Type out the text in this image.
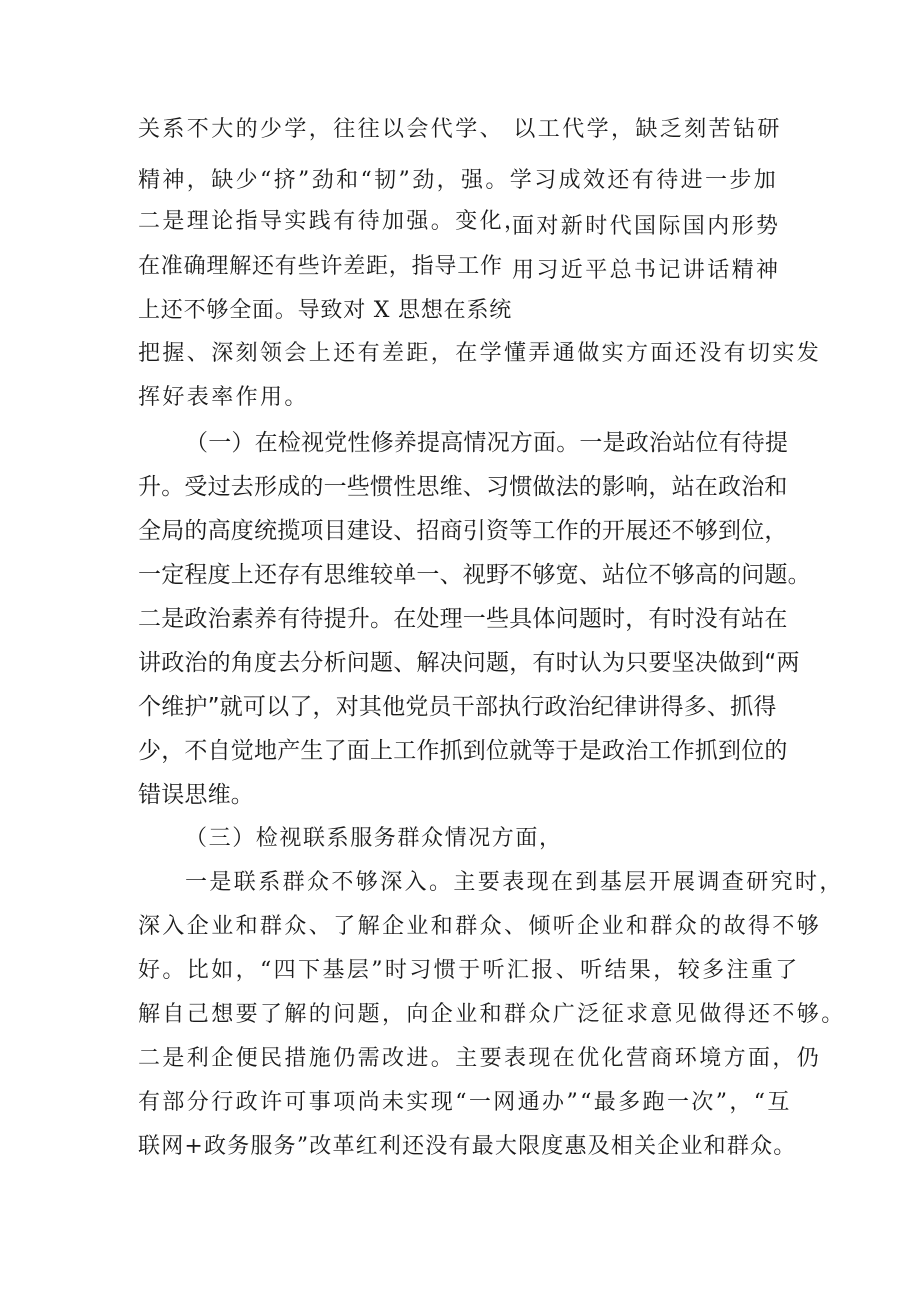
关系不大的少学，往往以会代学、 以工代学，缺乏刻苦钻研

精神，缺少“挤”劲和“韧”劲，强。学习成效还有待进一步加

二是理论指导实践有待加强。变化，

面对新时代国际国内形势

在准确理解还有些许差距，指导工作 用习近平总书记讲话精神

上还不够全面。导致对 X 思想在系统

把握、深刻领会上还有差距，在学懂弄通做实方面还没有切实发

挥好表率作用。

（一）在检视党性修养提高情况方面。一是政治站位有待提

升。受过去形成的一些惯性思维、习惯做法的影响，站在政治和

全局的高度统揽项目建设、招商引资等工作的开展还不够到位，

一定程度上还存有思维较单一、视野不够宽、站位不够高的问题。

二是政治素养有待提升。在处理一些具体问题时，有时没有站在

讲政治的角度去分析问题、解决问题，有时认为只要坚决做到“两

个维护”就可以了，对其他党员干部执行政治纪律讲得多、抓得

少，不自觉地产生了面上工作抓到位就等于是政治工作抓到位的

错误思维。

（三）检视联系服务群众情况方面，

一是联系群众不够深入。主要表现在到基层开展调查研究时，

深入企业和群众、了解企业和群众、倾听企业和群众的故得不够

好。比如，“四下基层”时习惯于听汇报、听结果，较多注重了

解自己想要了解的问题，向企业和群众广泛征求意见做得还不够。

二是利企便民措施仍需改进。主要表现在优化营商环境方面，仍

有部分行政许可事项尚未实现“一网通办”“最多跑一次”，“互

联网+政务服务”改革红利还没有最大限度惠及相关企业和群众。
